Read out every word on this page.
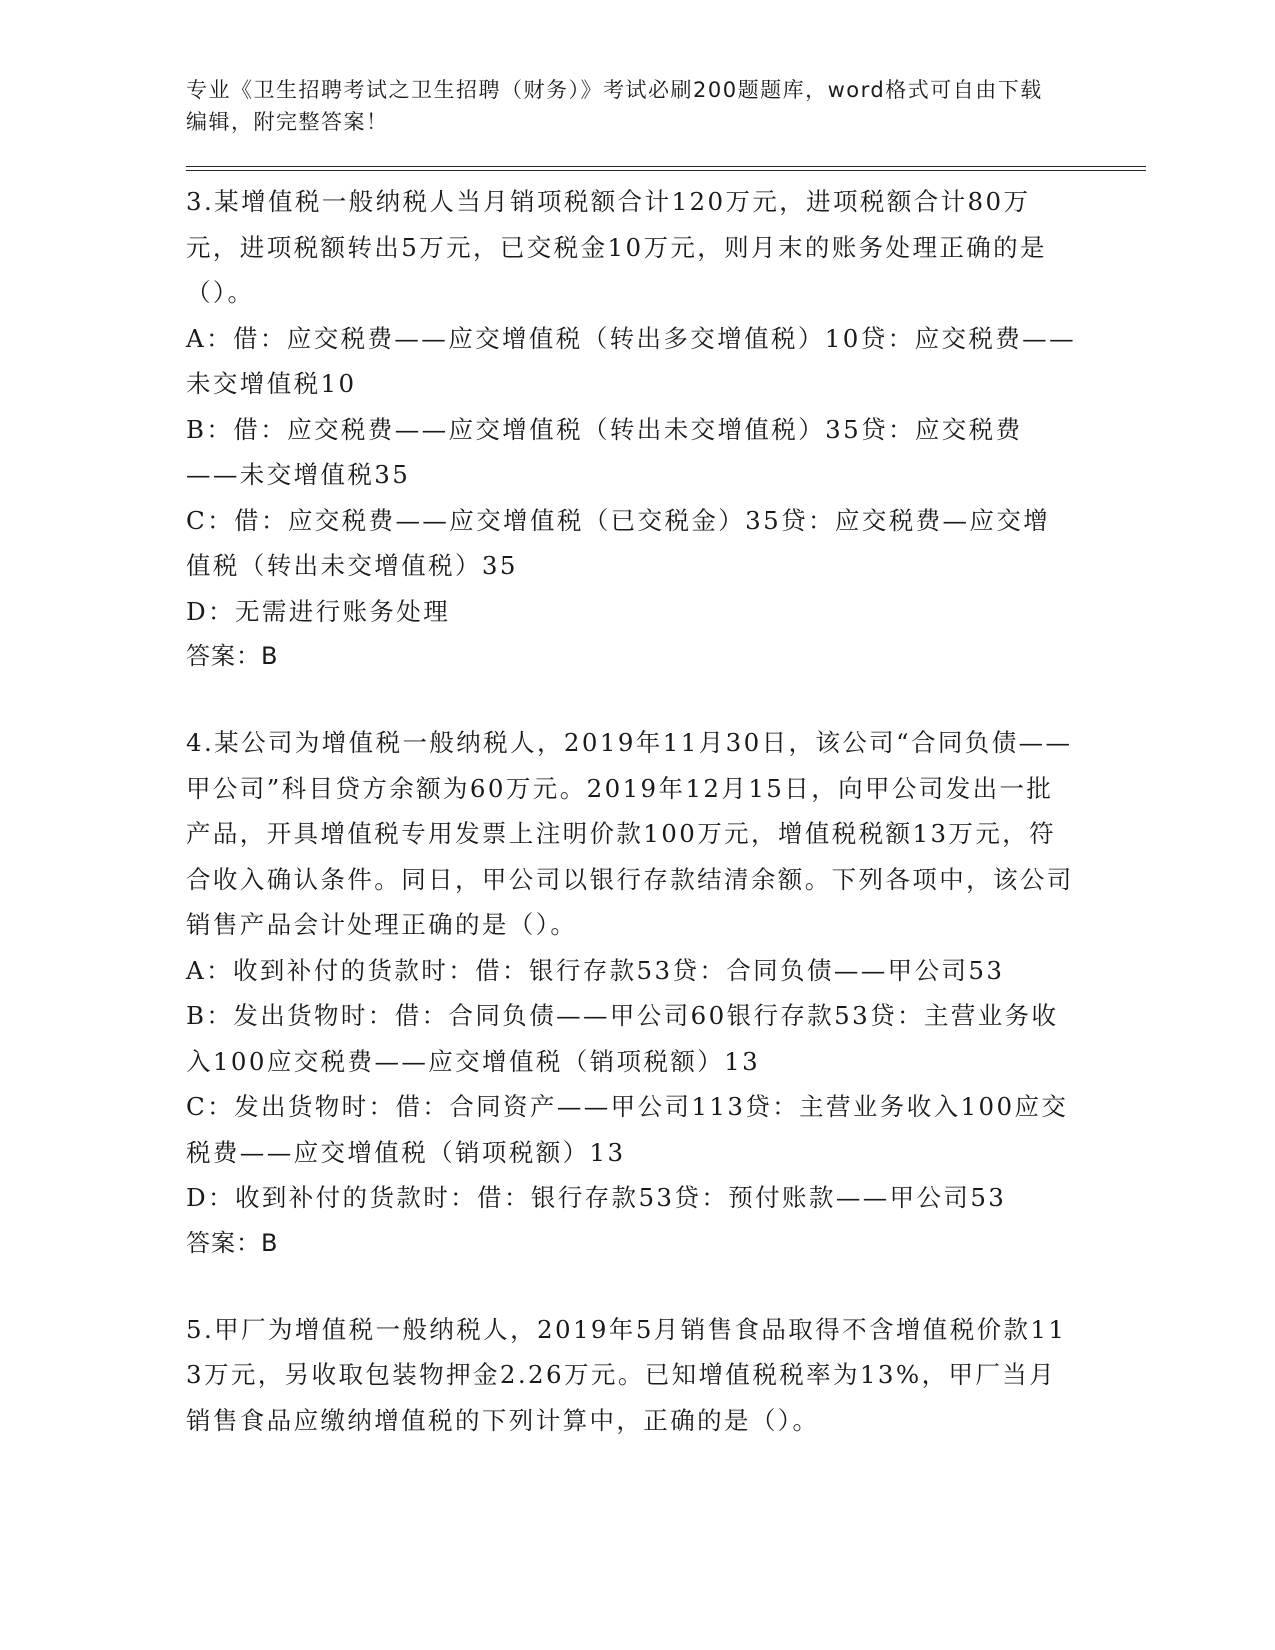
专业《卫生招聘考试之卫生招聘（财务）》考试必刷200题题库，word格式可自由下载编辑，附完整答案！
3.某增值税一般纳税人当月销项税额合计120万元，进项税额合计80万元，进项税额转出5万元，已交税金10万元，则月末的账务处理正确的是（）。
A：借：应交税费——应交增值税（转出多交增值税）10贷：应交税费——未交增值税10
B：借：应交税费——应交增值税（转出未交增值税）35贷：应交税费——未交增值税35
C：借：应交税费——应交增值税（已交税金）35贷：应交税费—应交增值税（转出未交增值税）35
D：无需进行账务处理
答案：B
4.某公司为增值税一般纳税人，2019年11月30日，该公司“合同负债——甲公司”科目贷方余额为60万元。2019年12月15日，向甲公司发出一批产品，开具增值税专用发票上注明价款100万元，增值税税额13万元，符合收入确认条件。同日，甲公司以银行存款结清余额。下列各项中，该公司销售产品会计处理正确的是（）。
A：收到补付的货款时：借：银行存款53贷：合同负债——甲公司53
B：发出货物时：借：合同负债——甲公司60银行存款53贷：主营业务收入100应交税费——应交增值税（销项税额）13
C：发出货物时：借：合同资产——甲公司113贷：主营业务收入100应交税费——应交增值税（销项税额）13
D：收到补付的货款时：借：银行存款53贷：预付账款——甲公司53
答案：B
5.甲厂为增值税一般纳税人，2019年5月销售食品取得不含增值税价款113万元，另收取包装物押金2.26万元。已知增值税税率为13%，甲厂当月销售食品应缴纳增值税的下列计算中，正确的是（）。
